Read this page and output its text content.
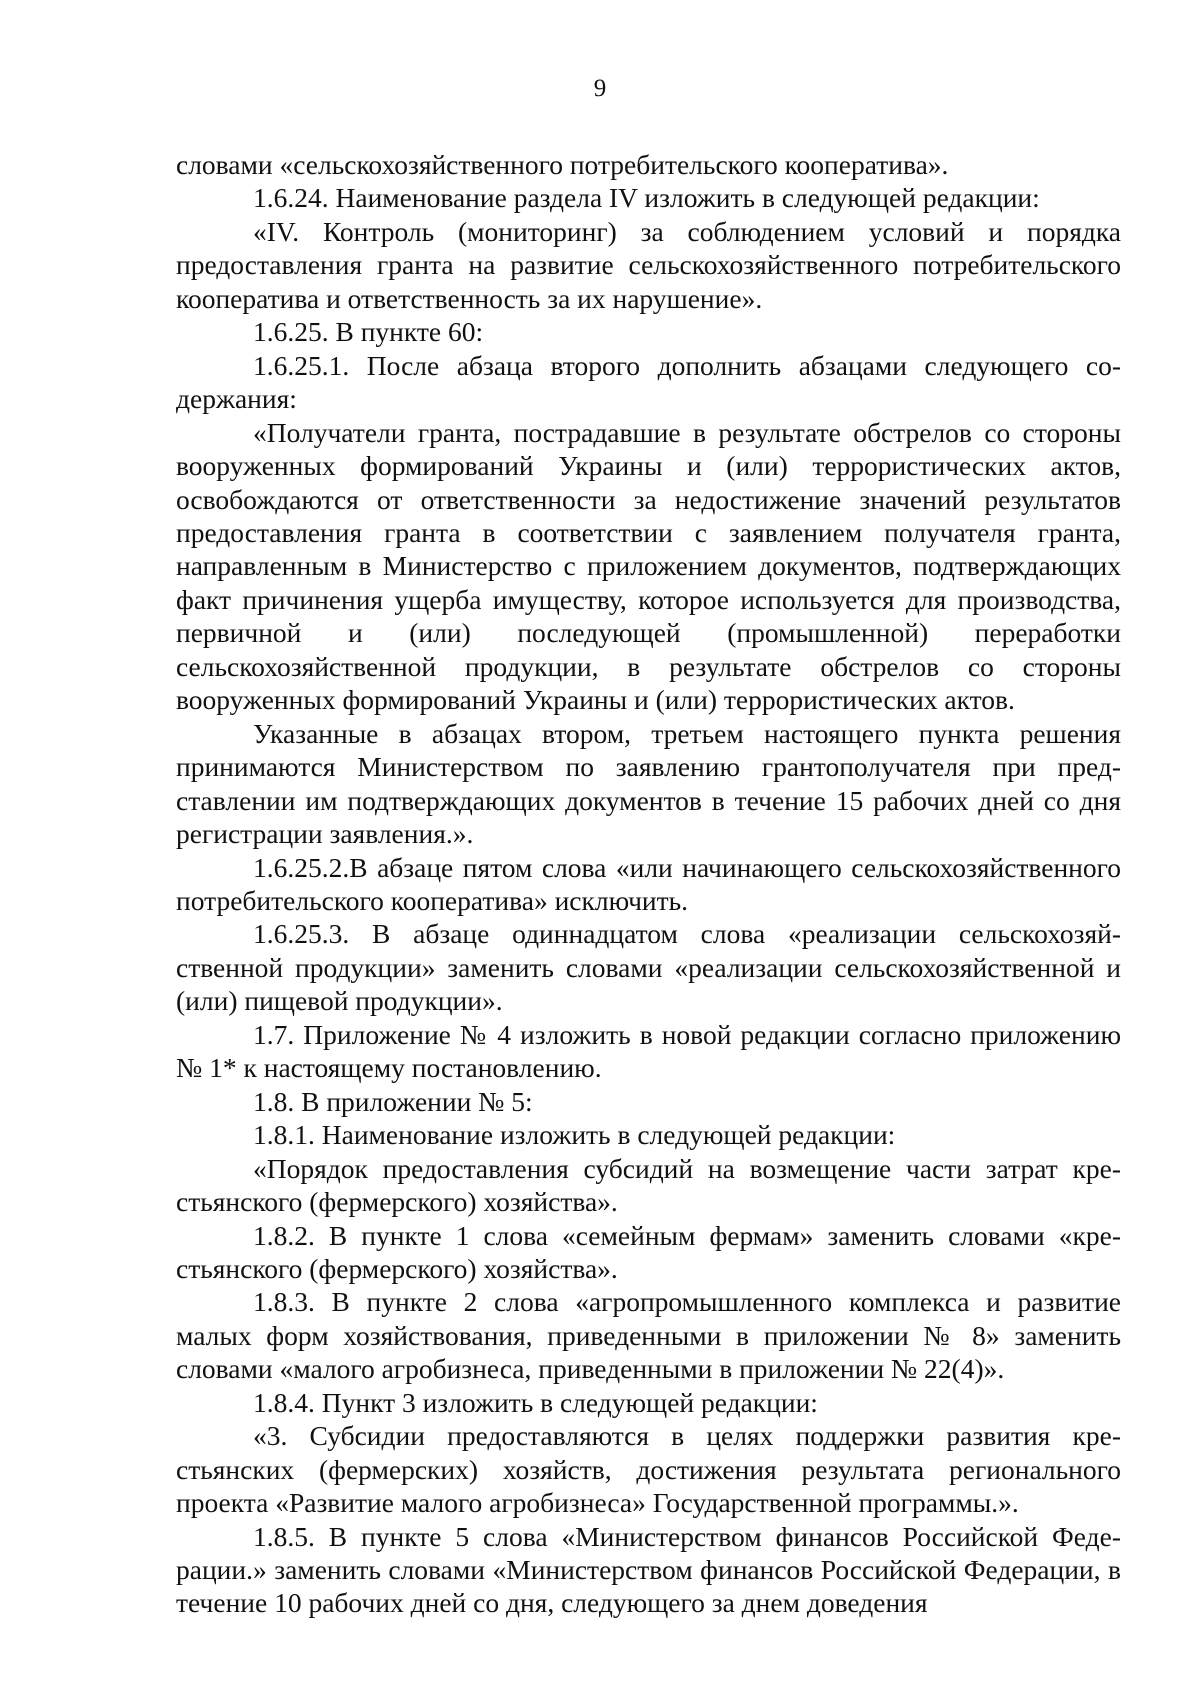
9

словами «сельскохозяйственного потребительского кооператива».

1.6.24. Наименование раздела IV изложить в следующей редакции:

«IV. Контроль (мониторинг) за соблюдением условий и порядка предоставления гранта на развитие сельскохозяйственного потребительского кооператива и ответственность за их нарушение».

1.6.25. В пункте 60:

1.6.25.1. После абзаца второго дополнить абзацами следующего содержания:

«Получатели гранта, пострадавшие в результате обстрелов со стороны вооруженных формирований Украины и (или) террористических актов, освобождаются от ответственности за недостижение значений результатов предоставления гранта в соответствии с заявлением получателя гранта, направленным в Министерство с приложением документов, подтверждающих факт причинения ущерба имуществу, которое используется для производства, первичной и (или) последующей (промышленной) переработки сельскохозяйственной продукции, в результате обстрелов со стороны вооруженных формирований Украины и (или) террористических актов.

Указанные в абзацах втором, третьем настоящего пункта решения принимаются Министерством по заявлению грантополучателя при представлении им подтверждающих документов в течение 15 рабочих дней со дня регистрации заявления.».

1.6.25.2.В абзаце пятом слова «или начинающего сельскохозяйственного потребительского кооператива» исключить.

1.6.25.3. В абзаце одиннадцатом слова «реализации сельскохозяйственной продукции» заменить словами «реализации сельскохозяйственной и (или) пищевой продукции».

1.7. Приложение № 4 изложить в новой редакции согласно приложению № 1* к настоящему постановлению.

1.8. В приложении № 5:

1.8.1. Наименование изложить в следующей редакции:

«Порядок предоставления субсидий на возмещение части затрат крестьянского (фермерского) хозяйства».

1.8.2. В пункте 1 слова «семейным фермам» заменить словами «крестьянского (фермерского) хозяйства».

1.8.3. В пункте 2 слова «агропромышленного комплекса и развитие малых форм хозяйствования, приведенными в приложении № 8» заменить словами «малого агробизнеса, приведенными в приложении № 22(4)».

1.8.4. Пункт 3 изложить в следующей редакции:

«3. Субсидии предоставляются в целях поддержки развития крестьянских (фермерских) хозяйств, достижения результата регионального проекта «Развитие малого агробизнеса» Государственной программы.».

1.8.5. В пункте 5 слова «Министерством финансов Российской Федерации.» заменить словами «Министерством финансов Российской Федерации, в течение 10 рабочих дней со дня, следующего за днем доведения
